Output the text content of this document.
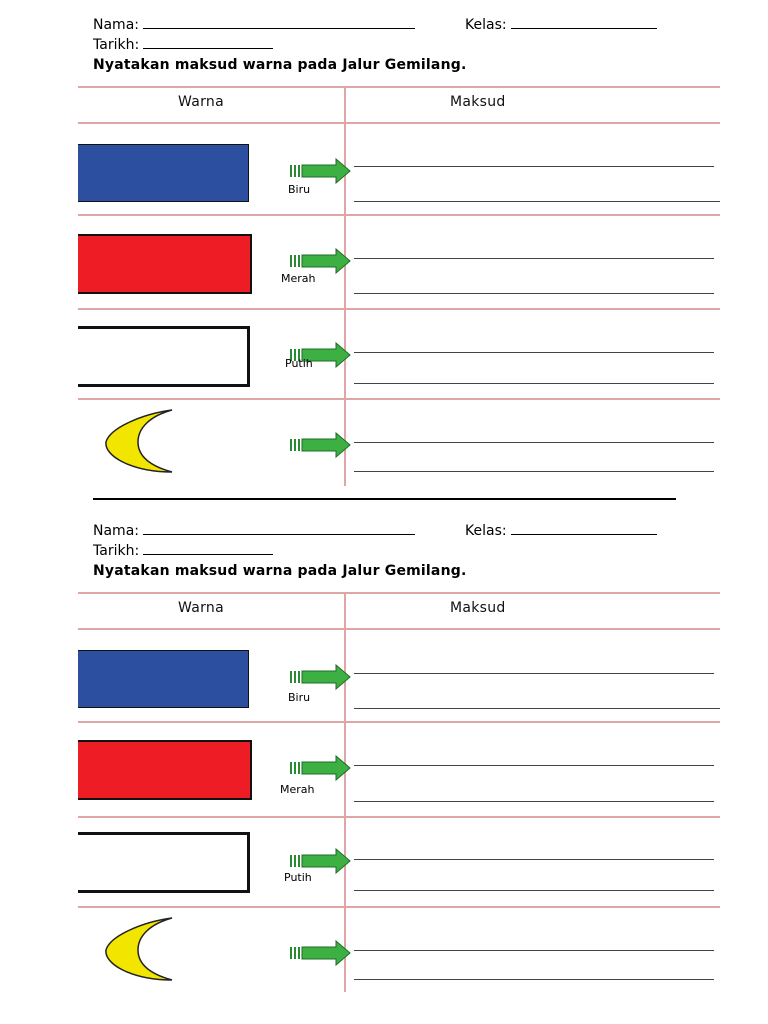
Nama:	Kelas:
Tarikh:
Nyatakan maksud warna pada Jalur Gemilang.
Warna	Maksud
Biru
Merah
Putih
Nama:	Kelas:
Tarikh:
Nyatakan maksud warna pada Jalur Gemilang.
Warna	Maksud
Biru
Merah
Putih
